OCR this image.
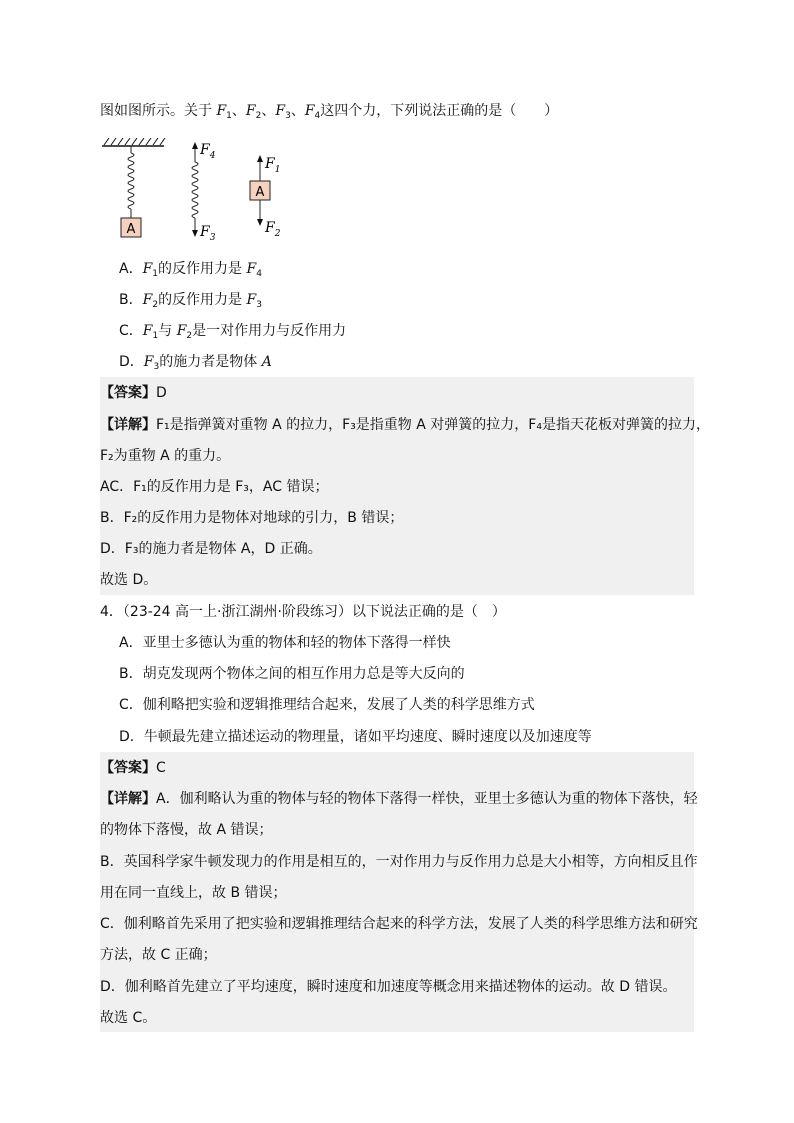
图如图所示。关于 $F_1$、$F_2$、$F_3$、$F_4$这四个力，下列说法正确的是（　　）
A
$F_4$
$F_3$
A
$F_1$
$F_2$
A．$F_1$的反作用力是 $F_4$
B．$F_2$的反作用力是 $F_3$
C．$F_1$与 $F_2$是一对作用力与反作用力
D．$F_3$的施力者是物体 A
【答案】D
【详解】F₁是指弹簧对重物 A 的拉力，F₃是指重物 A 对弹簧的拉力，F₄是指天花板对弹簧的拉力，
F₂为重物 A 的重力。
AC．F₁的反作用力是 F₃，AC 错误；
B．F₂的反作用力是物体对地球的引力，B 错误；
D．F₃的施力者是物体 A，D 正确。
故选 D。
4．（23-24 高一上·浙江湖州·阶段练习）以下说法正确的是（　）
A．亚里士多德认为重的物体和轻的物体下落得一样快
B．胡克发现两个物体之间的相互作用力总是等大反向的
C．伽利略把实验和逻辑推理结合起来，发展了人类的科学思维方式
D．牛顿最先建立描述运动的物理量，诸如平均速度、瞬时速度以及加速度等
【答案】C
【详解】A．伽利略认为重的物体与轻的物体下落得一样快，亚里士多德认为重的物体下落快，轻
的物体下落慢，故 A 错误；
B．英国科学家牛顿发现力的作用是相互的，一对作用力与反作用力总是大小相等，方向相反且作
用在同一直线上，故 B 错误；
C．伽利略首先采用了把实验和逻辑推理结合起来的科学方法，发展了人类的科学思维方法和研究
方法，故 C 正确；
D．伽利略首先建立了平均速度，瞬时速度和加速度等概念用来描述物体的运动。故 D 错误。
故选 C。
